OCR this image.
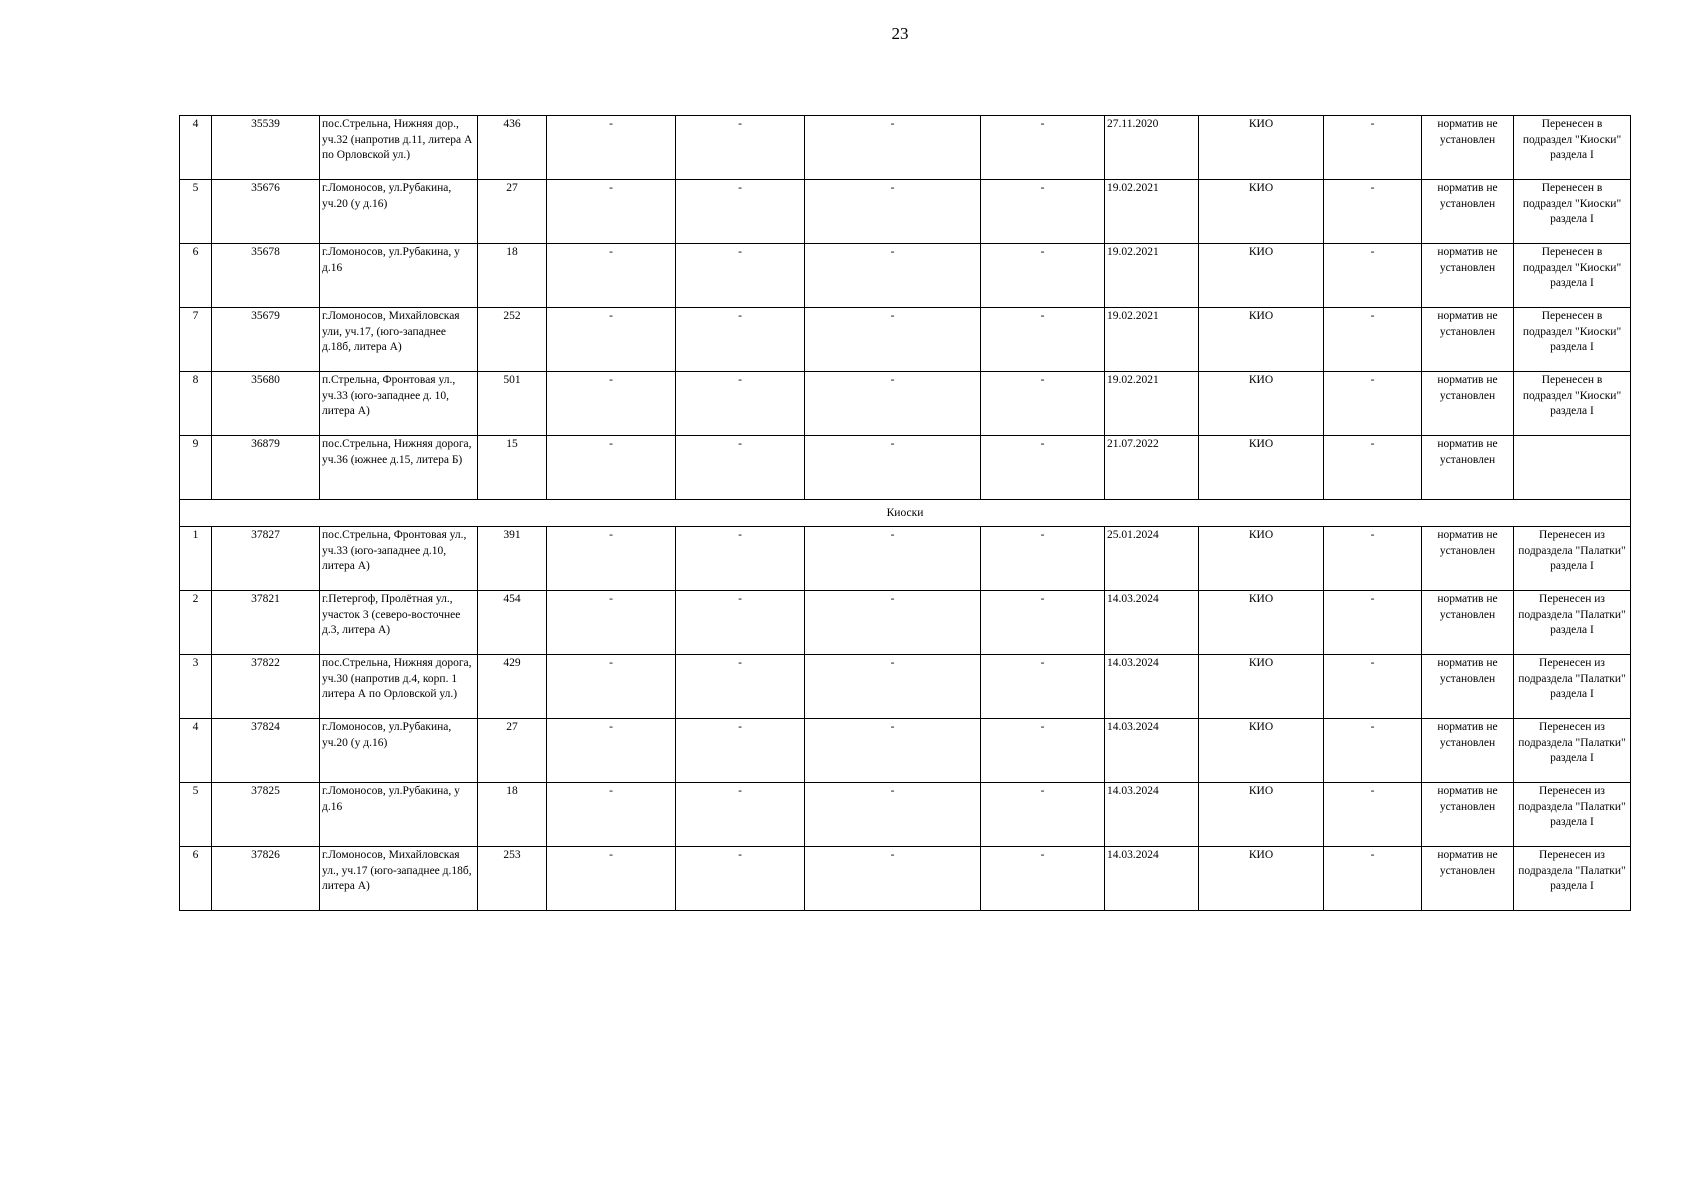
23
4	35539	пос.Стрельна, Нижняя дор., уч.32 (напротив д.11, литера А по Орловской ул.)	436	-	-	-	-	27.11.2020	КИО	-	норматив не установлен	Перенесен в подраздел "Киоски" раздела I
5	35676	г.Ломоносов, ул.Рубакина, уч.20 (у д.16)	27	-	-	-	-	19.02.2021	КИО	-	норматив не установлен	Перенесен в подраздел "Киоски" раздела I
6	35678	г.Ломоносов, ул.Рубакина, у д.16	18	-	-	-	-	19.02.2021	КИО	-	норматив не установлен	Перенесен в подраздел "Киоски" раздела I
7	35679	г.Ломоносов, Михайловская ули, уч.17, (юго-западнее д.18б, литера А)	252	-	-	-	-	19.02.2021	КИО	-	норматив не установлен	Перенесен в подраздел "Киоски" раздела I
8	35680	п.Стрельна, Фронтовая ул., уч.33 (юго-западнее д. 10, литера А)	501	-	-	-	-	19.02.2021	КИО	-	норматив не установлен	Перенесен в подраздел "Киоски" раздела I
9	36879	пос.Стрельна, Нижняя дорога, уч.36 (южнее д.15, литера Б)	15	-	-	-	-	21.07.2022	КИО	-	норматив не установлен	
Киоски												
1	37827	пос.Стрельна, Фронтовая ул., уч.33 (юго-западнее д.10, литера А)	391	-	-	-	-	25.01.2024	КИО	-	норматив не установлен	Перенесен из подраздела "Палатки" раздела I
2	37821	г.Петергоф, Пролётная ул., участок 3 (северо-восточнее д.3, литера А)	454	-	-	-	-	14.03.2024	КИО	-	норматив не установлен	Перенесен из подраздела "Палатки" раздела I
3	37822	пос.Стрельна, Нижняя дорога, уч.30 (напротив д.4, корп. 1 литера А по Орловской ул.)	429	-	-	-	-	14.03.2024	КИО	-	норматив не установлен	Перенесен из подраздела "Палатки" раздела I
4	37824	г.Ломоносов, ул.Рубакина, уч.20 (у д.16)	27	-	-	-	-	14.03.2024	КИО	-	норматив не установлен	Перенесен из подраздела "Палатки" раздела I
5	37825	г.Ломоносов, ул.Рубакина, у д.16	18	-	-	-	-	14.03.2024	КИО	-	норматив не установлен	Перенесен из подраздела "Палатки" раздела I
6	37826	г.Ломоносов, Михайловская ул., уч.17 (юго-западнее д.18б, литера А)	253	-	-	-	-	14.03.2024	КИО	-	норматив не установлен	Перенесен из подраздела "Палатки" раздела I
